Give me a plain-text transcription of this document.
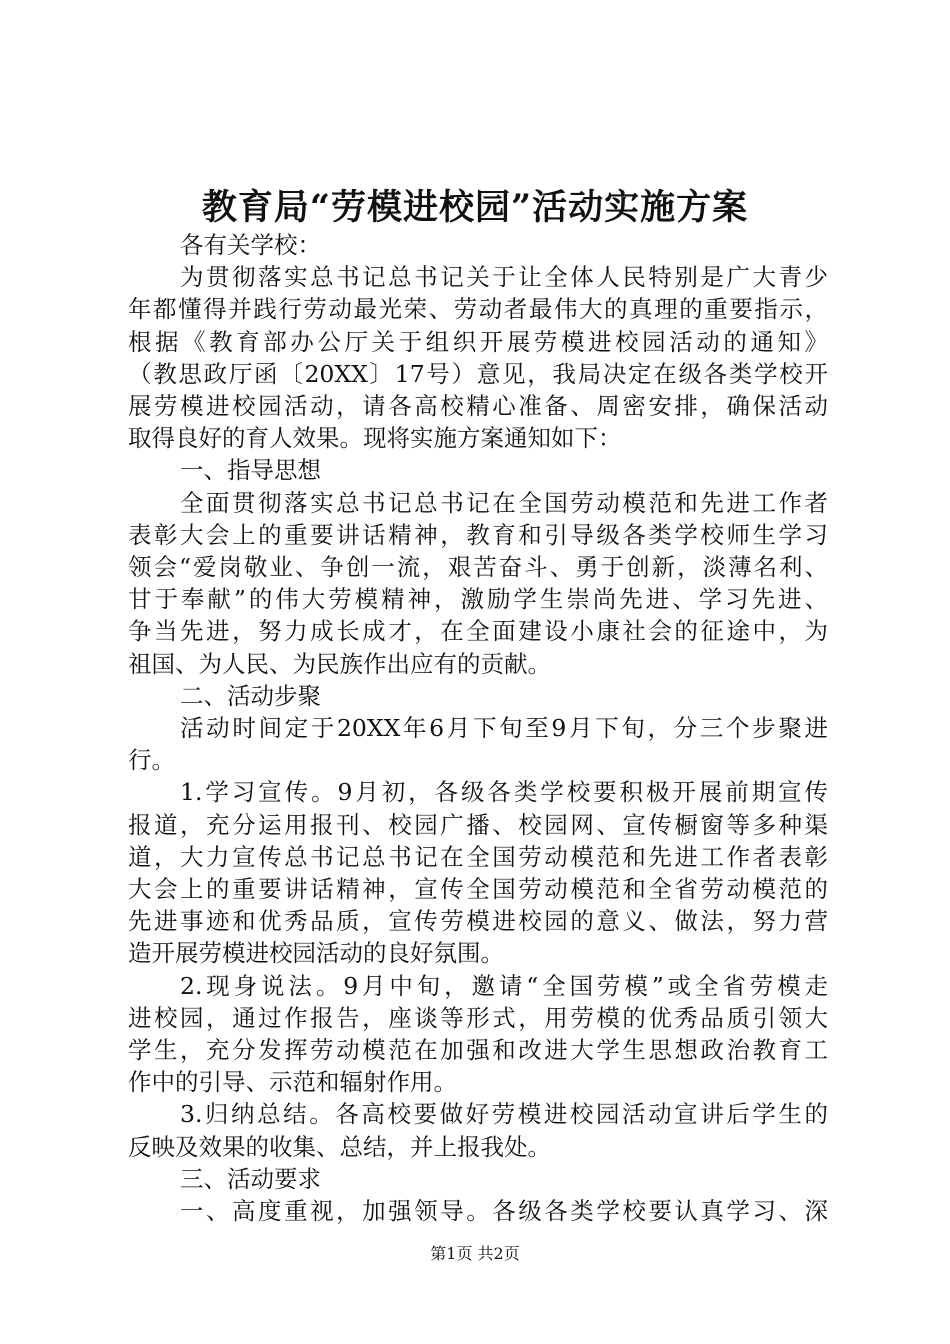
教育局“劳模进校园”活动实施方案
各有关学校：
为贯彻落实总书记总书记关于让全体人民特别是广大青少
年都懂得并践行劳动最光荣、劳动者最伟大的真理的重要指示，
根据《教育部办公厅关于组织开展劳模进校园活动的通知》
（教思政厅函〔20XX〕17号）意见，我局决定在级各类学校开
展劳模进校园活动，请各高校精心准备、周密安排，确保活动
取得良好的育人效果。现将实施方案通知如下：
一、指导思想
全面贯彻落实总书记总书记在全国劳动模范和先进工作者
表彰大会上的重要讲话精神，教育和引导级各类学校师生学习
领会“爱岗敬业、争创一流，艰苦奋斗、勇于创新，淡薄名利、
甘于奉献”的伟大劳模精神，激励学生崇尚先进、学习先进、
争当先进，努力成长成才，在全面建设小康社会的征途中，为
祖国、为人民、为民族作出应有的贡献。
二、活动步聚
活动时间定于20XX年6月下旬至9月下旬，分三个步聚进
行。
1.学习宣传。9月初，各级各类学校要积极开展前期宣传
报道，充分运用报刊、校园广播、校园网、宣传橱窗等多种渠
道，大力宣传总书记总书记在全国劳动模范和先进工作者表彰
大会上的重要讲话精神，宣传全国劳动模范和全省劳动模范的
先进事迹和优秀品质，宣传劳模进校园的意义、做法，努力营
造开展劳模进校园活动的良好氛围。
2.现身说法。9月中旬，邀请“全国劳模”或全省劳模走
进校园，通过作报告，座谈等形式，用劳模的优秀品质引领大
学生，充分发挥劳动模范在加强和改进大学生思想政治教育工
作中的引导、示范和辐射作用。
3.归纳总结。各高校要做好劳模进校园活动宣讲后学生的
反映及效果的收集、总结，并上报我处。
三、活动要求
一、高度重视，加强领导。各级各类学校要认真学习、深
第1页 共2页
